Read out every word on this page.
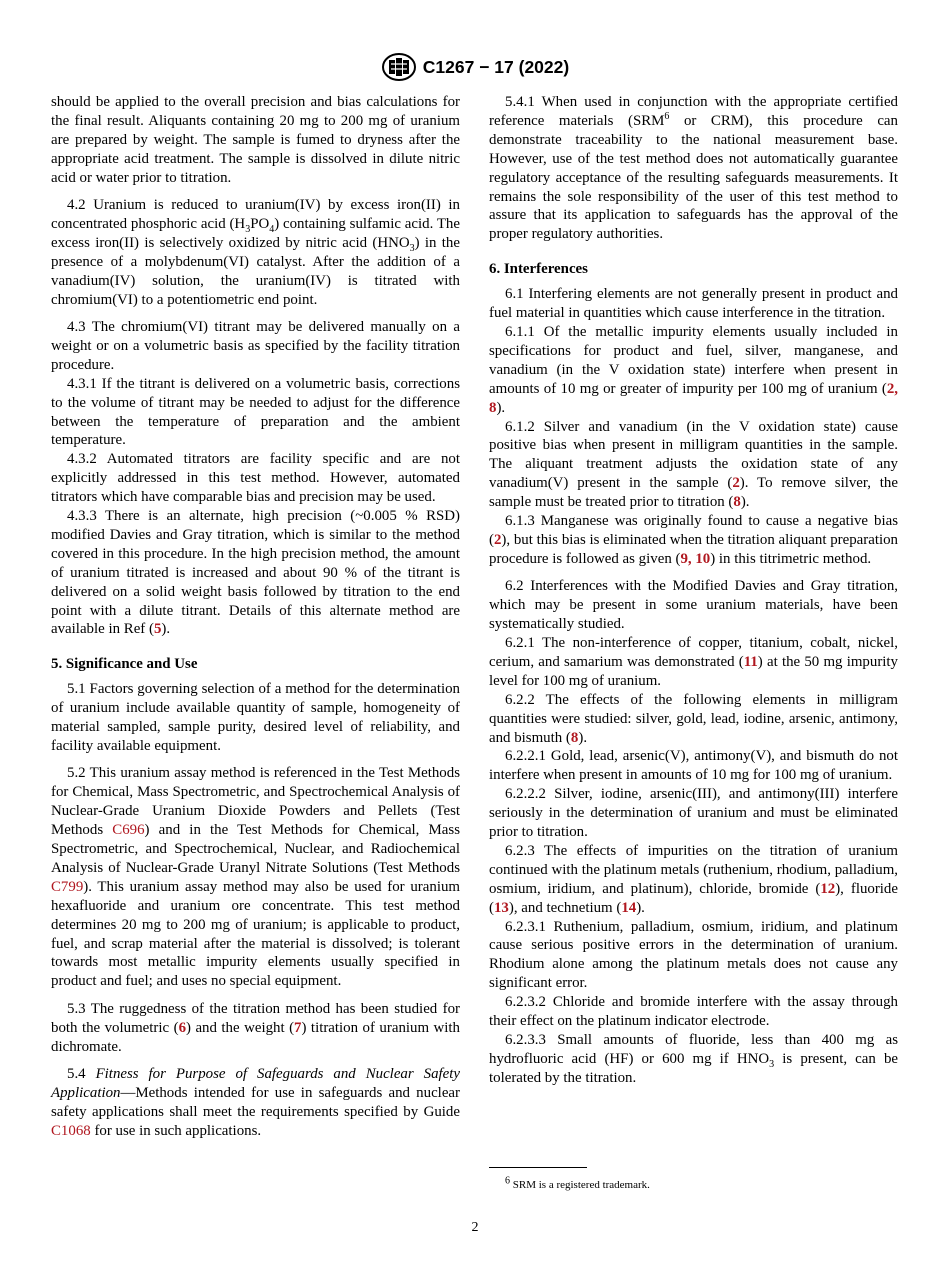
C1267 − 17 (2022)

should be applied to the overall precision and bias calculations for the final result. Aliquants containing 20 mg to 200 mg of uranium are prepared by weight. The sample is fumed to dryness after the appropriate acid treatment. The sample is dissolved in dilute nitric acid or water prior to titration.

4.2 Uranium is reduced to uranium(IV) by excess iron(II) in concentrated phosphoric acid $(H_3PO_4)$ containing sulfamic acid. The excess iron(II) is selectively oxidized by nitric acid $(HNO_3)$ in the presence of a molybdenum(VI) catalyst. After the addition of a vanadium(IV) solution, the uranium(IV) is titrated with chromium(VI) to a potentiometric end point.

4.3 The chromium(VI) titrant may be delivered manually on a weight or on a volumetric basis as specified by the facility titration procedure.

4.3.1 If the titrant is delivered on a volumetric basis, corrections to the volume of titrant may be needed to adjust for the difference between the temperature of preparation and the ambient temperature.

4.3.2 Automated titrators are facility specific and are not explicitly addressed in this test method. However, automated titrators which have comparable bias and precision may be used.

4.3.3 There is an alternate, high precision (~0.005 % RSD) modified Davies and Gray titration, which is similar to the method covered in this procedure. In the high precision method, the amount of uranium titrated is increased and about 90 % of the titrant is delivered on a solid weight basis followed by titration to the end point with a dilute titrant. Details of this alternate method are available in Ref (5).

5. Significance and Use

5.1 Factors governing selection of a method for the determination of uranium include available quantity of sample, homogeneity of material sampled, sample purity, desired level of reliability, and facility available equipment.

5.2 This uranium assay method is referenced in the Test Methods for Chemical, Mass Spectrometric, and Spectrochemical Analysis of Nuclear-Grade Uranium Dioxide Powders and Pellets (Test Methods C696) and in the Test Methods for Chemical, Mass Spectrometric, and Spectrochemical, Nuclear, and Radiochemical Analysis of Nuclear-Grade Uranyl Nitrate Solutions (Test Methods C799). This uranium assay method may also be used for uranium hexafluoride and uranium ore concentrate. This test method determines 20 mg to 200 mg of uranium; is applicable to product, fuel, and scrap material after the material is dissolved; is tolerant towards most metallic impurity elements usually specified in product and fuel; and uses no special equipment.

5.3 The ruggedness of the titration method has been studied for both the volumetric (6) and the weight (7) titration of uranium with dichromate.

5.4 Fitness for Purpose of Safeguards and Nuclear Safety Application—Methods intended for use in safeguards and nuclear safety applications shall meet the requirements specified by Guide C1068 for use in such applications.

5.4.1 When used in conjunction with the appropriate certified reference materials (SRM$^6$ or CRM), this procedure can demonstrate traceability to the national measurement base. However, use of the test method does not automatically guarantee regulatory acceptance of the resulting safeguards measurements. It remains the sole responsibility of the user of this test method to assure that its application to safeguards has the approval of the proper regulatory authorities.

6. Interferences

6.1 Interfering elements are not generally present in product and fuel material in quantities which cause interference in the titration.

6.1.1 Of the metallic impurity elements usually included in specifications for product and fuel, silver, manganese, and vanadium (in the V oxidation state) interfere when present in amounts of 10 mg or greater of impurity per 100 mg of uranium (2, 8).

6.1.2 Silver and vanadium (in the V oxidation state) cause positive bias when present in milligram quantities in the sample. The aliquant treatment adjusts the oxidation state of any vanadium(V) present in the sample (2). To remove silver, the sample must be treated prior to titration (8).

6.1.3 Manganese was originally found to cause a negative bias (2), but this bias is eliminated when the titration aliquant preparation procedure is followed as given (9, 10) in this titrimetric method.

6.2 Interferences with the Modified Davies and Gray titration, which may be present in some uranium materials, have been systematically studied.

6.2.1 The non-interference of copper, titanium, cobalt, nickel, cerium, and samarium was demonstrated (11) at the 50 mg impurity level for 100 mg of uranium.

6.2.2 The effects of the following elements in milligram quantities were studied: silver, gold, lead, iodine, arsenic, antimony, and bismuth (8).

6.2.2.1 Gold, lead, arsenic(V), antimony(V), and bismuth do not interfere when present in amounts of 10 mg for 100 mg of uranium.

6.2.2.2 Silver, iodine, arsenic(III), and antimony(III) interfere seriously in the determination of uranium and must be eliminated prior to titration.

6.2.3 The effects of impurities on the titration of uranium continued with the platinum metals (ruthenium, rhodium, palladium, osmium, iridium, and platinum), chloride, bromide (12), fluoride (13), and technetium (14).

6.2.3.1 Ruthenium, palladium, osmium, iridium, and platinum cause serious positive errors in the determination of uranium. Rhodium alone among the platinum metals does not cause any significant error.

6.2.3.2 Chloride and bromide interfere with the assay through their effect on the platinum indicator electrode.

6.2.3.3 Small amounts of fluoride, less than 400 mg as hydrofluoric acid (HF) or 600 mg if $HNO_3$ is present, can be tolerated by the titration.

$^6$ SRM is a registered trademark.
2
